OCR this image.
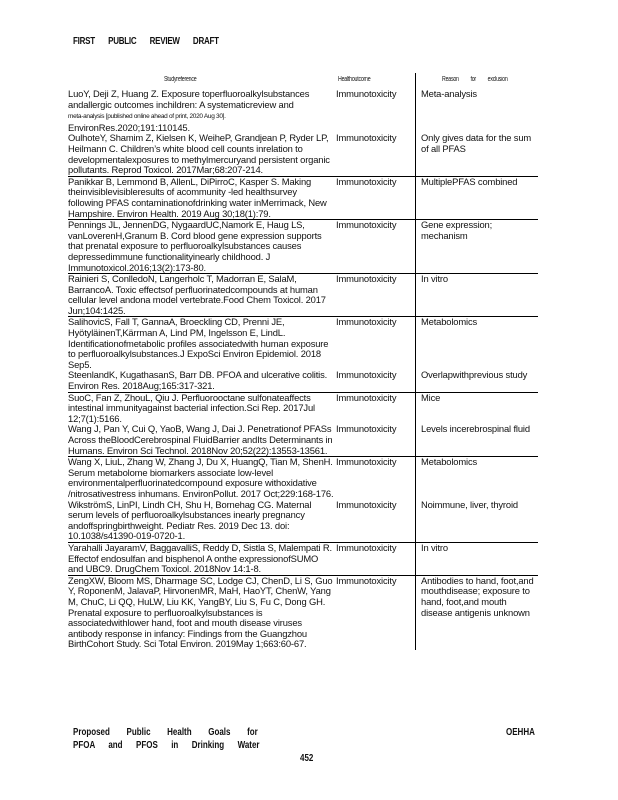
FIRST PUBLIC REVIEW DRAFT
Studyreference	Healthoutcome	Reason for exclusion
LuoY, Deji Z, Huang Z. Exposure toperfluoroalkylsubstances andallergic outcomes inchildren: A systematicreview and
meta-analysis [published online ahead of print, 2020 Aug 30].
EnvironRes.2020;191:110145.
Immunotoxicity	Meta-analysis
OulhoteY, Shamim Z, Kielsen K, WeiheP, Grandjean P, Ryder LP, Heilmann C. Children’s white blood cell counts inrelation to developmentalexposures to methylmercuryand persistent organic pollutants. Reprod Toxicol. 2017Mar;68:207-214.
Immunotoxicity	Only gives data for the sum of all PFAS
Panikkar B, Lemmond B, AllenL, DiPirroC, Kasper S. Making theinvisiblevisibleresults of acommunity -led healthsurvey following PFAS contaminationofdrinking water inMerrimack, New Hampshire. Environ Health. 2019 Aug 30;18(1):79.
Immunotoxicity	MultiplePFAS combined
Pennings JL, JennenDG, NygaardUC,Namork E, Haug LS, vanLoverenH,Granum B. Cord blood gene expression supports that prenatal exposure to perfluoroalkylsubstances causes depressedimmune functionalityinearly childhood. J Immunotoxicol.2016;13(2):173-80.
Immunotoxicity	Gene expression; mechanism
Rainieri S, ConlledoN, Langerholc T, Madorran E, SalaM, BarrancoA. Toxic effectsof perfluorinatedcompounds at human cellular level andona model vertebrate.Food Chem Toxicol. 2017 Jun;104:1425.
Immunotoxicity	In vitro
SalihovicS, Fall T, GannaA, Broeckling CD, Prenni JE, HyötyläinenT,Kärrman A, Lind PM, Ingelsson E, LindL. Identificationofmetabolic profiles associatedwith human exposure to perfluoroalkylsubstances.J ExpoSci Environ Epidemiol. 2018 Sep5.
Immunotoxicity	Metabolomics
SteenlandK, KugathasanS, Barr DB. PFOA and ulcerative colitis. Environ Res. 2018Aug;165:317-321.
Immunotoxicity	Overlapwithprevious study
SuoC, Fan Z, ZhouL, Qiu J. Perfluorooctane sulfonateaffects intestinal immunityagainst bacterial infection.Sci Rep. 2017Jul 12;7(1):5166.
Immunotoxicity	Mice
Wang J, Pan Y, Cui Q, YaoB, Wang J, Dai J. Penetrationof PFASs Across theBloodCerebrospinal FluidBarrier andIts Determinants in Humans. Environ Sci Technol. 2018Nov 20;52(22):13553-13561.
Immunotoxicity	Levels incerebrospinal fluid
Wang X, LiuL, Zhang W, Zhang J, Du X, HuangQ, Tian M, ShenH. Serum metabolome biomarkers associate low-level environmentalperfluorinatedcompound exposure withoxidative /nitrosativestress inhumans. EnvironPollut. 2017 Oct;229:168-176.
Immunotoxicity	Metabolomics
WikströmS, LinPI, Lindh CH, Shu H, Bornehag CG. Maternal serum levels of perfluoroalkylsubstances inearly pregnancy andoffspringbirthweight. Pediatr Res. 2019 Dec 13. doi: 10.1038/s41390-019-0720-1.
Immunotoxicity	Noimmune, liver, thyroid
Yarahalli JayaramV, BaggavalliS, Reddy D, Sistla S, Malempati R. Effectof endosulfan and bisphenol A onthe expressionofSUMO and UBC9. DrugChem Toxicol. 2018Nov 14:1-8.
Immunotoxicity	In vitro
ZengXW, Bloom MS, Dharmage SC, Lodge CJ, ChenD, Li S, Guo Y, RoponenM, JalavaP, HirvonenMR, MaH, HaoYT, ChenW, Yang M, ChuC, Li QQ, HuLW, Liu KK, YangBY, Liu S, Fu C, Dong GH. Prenatal exposure to perfluoroalkylsubstances is associatedwithlower hand, foot and mouth disease viruses antibody response in infancy: Findings from the Guangzhou BirthCohort Study. Sci Total Environ. 2019May 1;663:60-67.
Immunotoxicity	Antibodies to hand, foot,and mouthdisease; exposure to hand, foot,and mouth disease antigenis unknown
Proposed Public Health Goals for
PFOA and PFOS in Drinking Water
OEHHA
452
